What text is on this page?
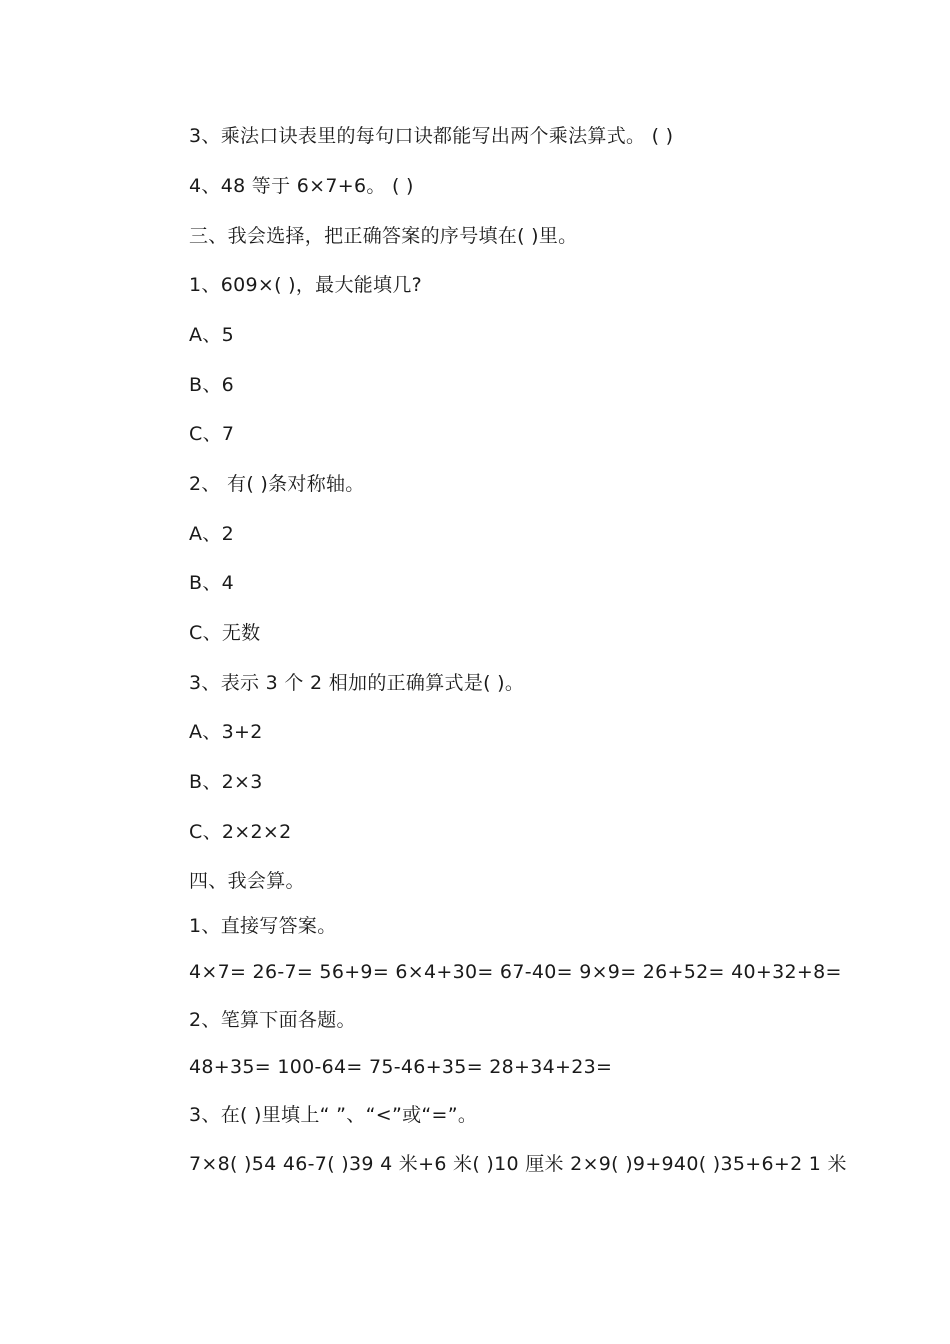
3、乘法口诀表里的每句口诀都能写出两个乘法算式。 ( )
4、48 等于 6×7+6。 ( )
三、我会选择，把正确答案的序号填在( )里。
1、609×( )，最大能填几?
A、5
B、6
C、7
2、 有( )条对称轴。
A、2
B、4
C、无数
3、表示 3 个 2 相加的正确算式是( )。
A、3+2
B、2×3
C、2×2×2
四、我会算。
1、直接写答案。
4×7= 26-7= 56+9= 6×4+30= 67-40= 9×9= 26+52= 40+32+8=
2、笔算下面各题。
48+35= 100-64= 75-46+35= 28+34+23=
3、在( )里填上“ ”、“<”或“=”。
7×8( )54 46-7( )39 4 米+6 米( )10 厘米 2×9( )9+940( )35+6+2 1 米
